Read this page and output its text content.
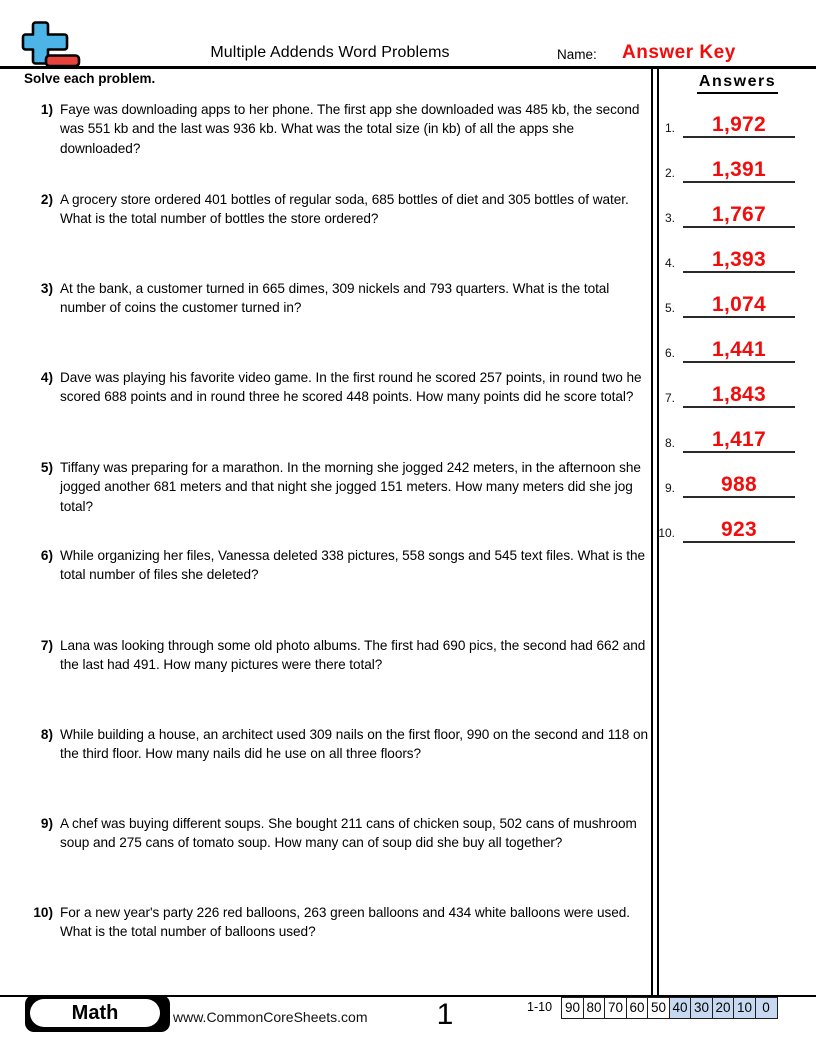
Multiple Addends Word Problems	Name: Answer Key
Solve each problem.	Answers
1. 1,972
2. 1,391
3. 1,767
4. 1,393
5. 1,074
6. 1,441
7. 1,843
8. 1,417
9. 988
10. 923
1) Faye was downloading apps to her phone. The first app she downloaded was 485 kb, the second was 551 kb and the last was 936 kb. What was the total size (in kb) of all the apps she downloaded?
2) A grocery store ordered 401 bottles of regular soda, 685 bottles of diet and 305 bottles of water. What is the total number of bottles the store ordered?
3) At the bank, a customer turned in 665 dimes, 309 nickels and 793 quarters. What is the total number of coins the customer turned in?
4) Dave was playing his favorite video game. In the first round he scored 257 points, in round two he scored 688 points and in round three he scored 448 points. How many points did he score total?
5) Tiffany was preparing for a marathon. In the morning she jogged 242 meters, in the afternoon she jogged another 681 meters and that night she jogged 151 meters. How many meters did she jog total?
6) While organizing her files, Vanessa deleted 338 pictures, 558 songs and 545 text files. What is the total number of files she deleted?
7) Lana was looking through some old photo albums. The first had 690 pics, the second had 662 and the last had 491. How many pictures were there total?
8) While building a house, an architect used 309 nails on the first floor, 990 on the second and 118 on the third floor. How many nails did he use on all three floors?
9) A chef was buying different soups. She bought 211 cans of chicken soup, 502 cans of mushroom soup and 275 cans of tomato soup. How many can of soup did she buy all together?
10) For a new year's party 226 red balloons, 263 green balloons and 434 white balloons were used. What is the total number of balloons used?
Math	www.CommonCoreSheets.com	1	1-10 90 80 70 60 50 40 30 20 10 0
